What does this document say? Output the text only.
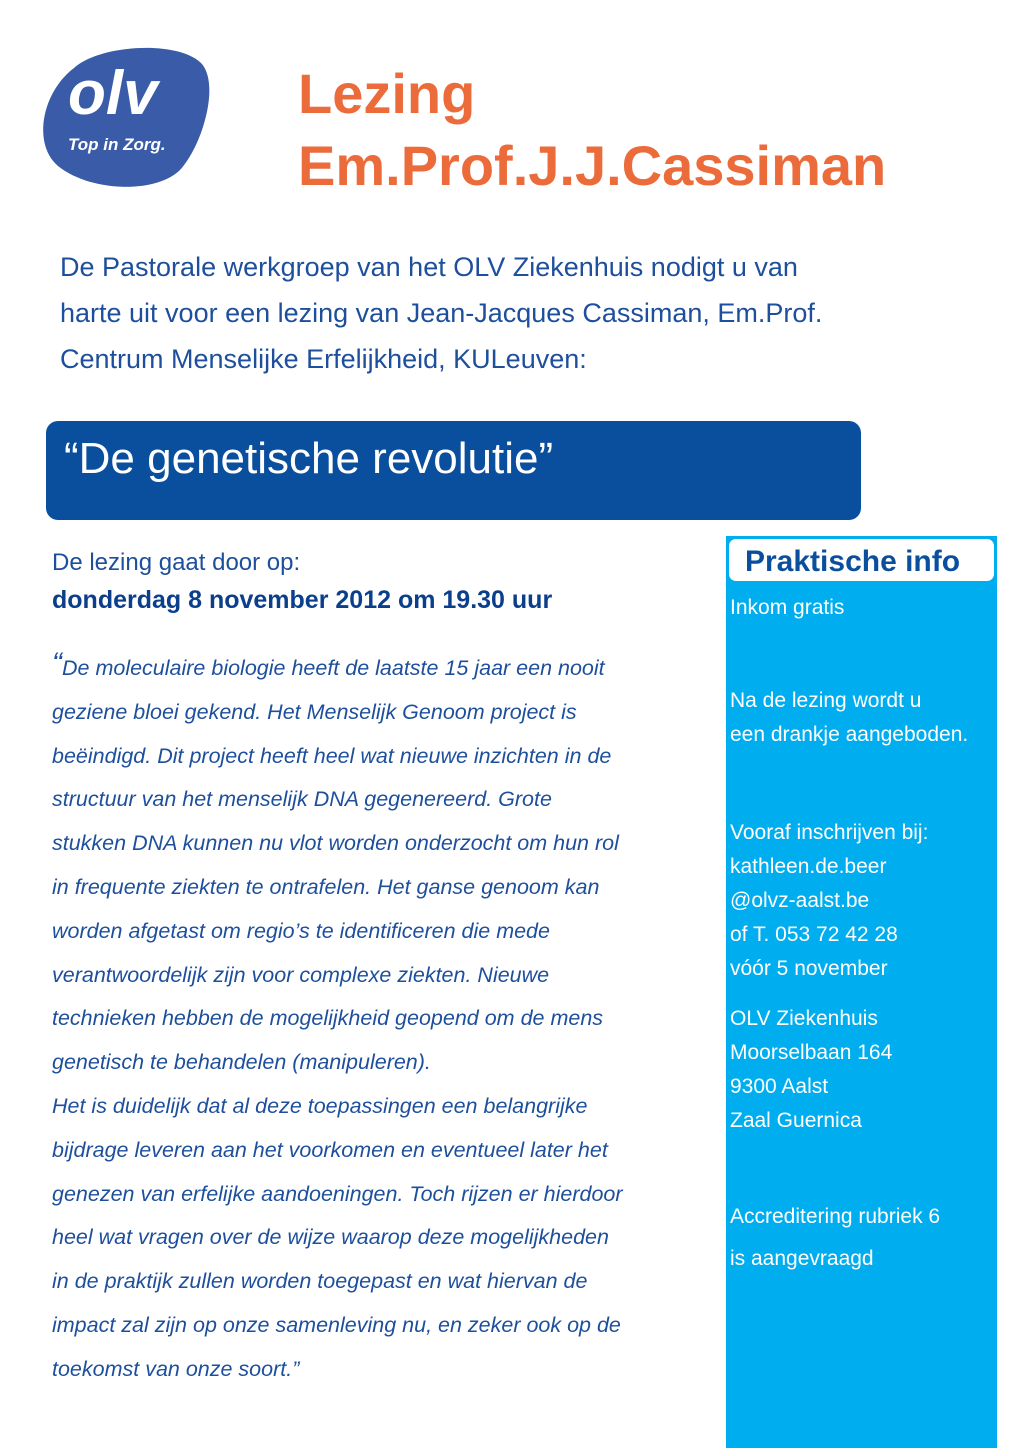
olv
Top in Zorg.
Lezing
Em.Prof.J.J.Cassiman

De Pastorale werkgroep van het OLV Ziekenhuis nodigt u van
harte uit voor een lezing van Jean-Jacques Cassiman, Em.Prof.
Centrum Menselijke Erfelijkheid, KULeuven:

“De genetische revolutie”
De lezing gaat door op:
donderdag 8 november 2012 om 19.30 uur

“De moleculaire biologie heeft de laatste 15 jaar een nooit
geziene bloei gekend. Het Menselijk Genoom project is
beëindigd. Dit project heeft heel wat nieuwe inzichten in de
structuur van het menselijk DNA gegenereerd. Grote
stukken DNA kunnen nu vlot worden onderzocht om hun rol
in frequente ziekten te ontrafelen. Het ganse genoom kan
worden afgetast om regio’s te identificeren die mede
verantwoordelijk zijn voor complexe ziekten. Nieuwe
technieken hebben de mogelijkheid geopend om de mens
genetisch te behandelen (manipuleren).
Het is duidelijk dat al deze toepassingen een belangrijke
bijdrage leveren aan het voorkomen en eventueel later het
genezen van erfelijke aandoeningen. Toch rijzen er hierdoor
heel wat vragen over de wijze waarop deze mogelijkheden
in de praktijk zullen worden toegepast en wat hiervan de
impact zal zijn op onze samenleving nu, en zeker ook op de
toekomst van onze soort.”

Praktische info
Inkom gratis
Na de lezing wordt u
een drankje aangeboden.
Vooraf inschrijven bij:
kathleen.de.beer
@olvz-aalst.be
of T. 053 72 42 28
vóór 5 november
OLV Ziekenhuis
Moorselbaan 164
9300 Aalst
Zaal Guernica
Accreditering rubriek 6
is aangevraagd
